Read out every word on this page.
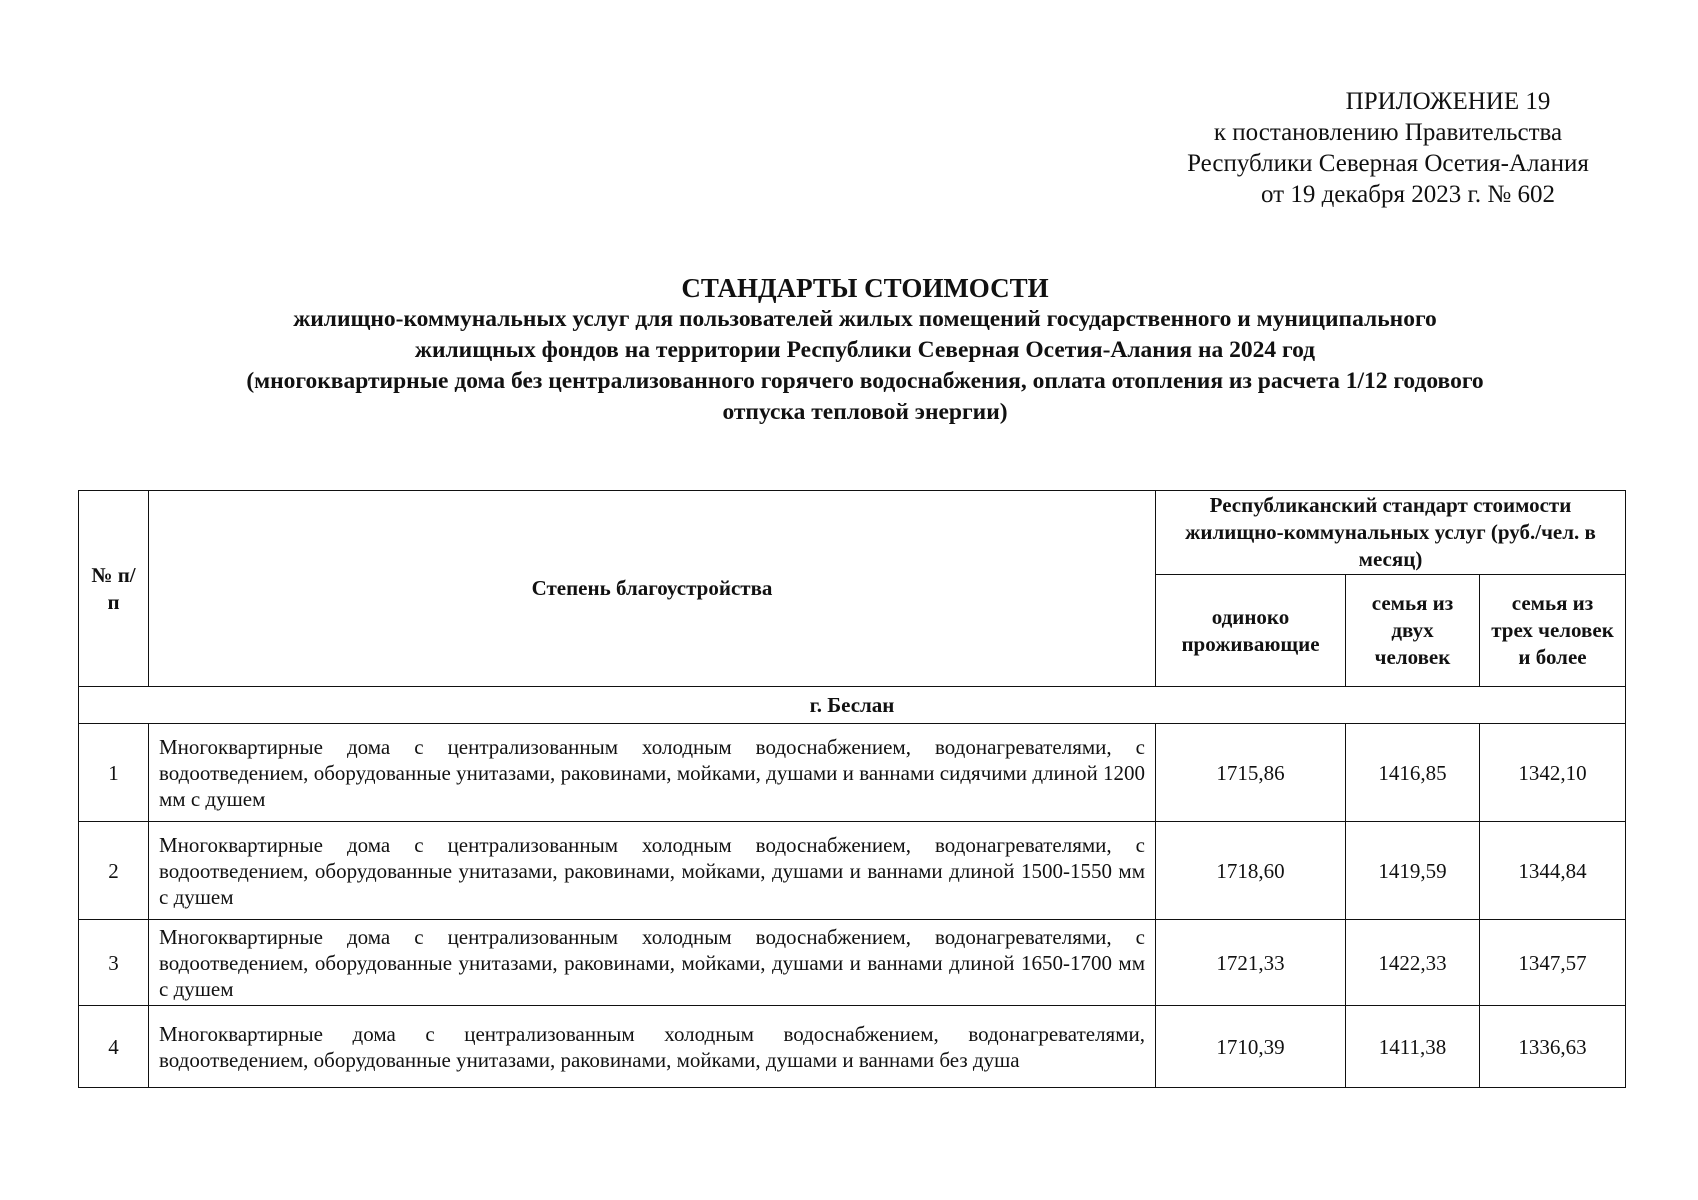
ПРИЛОЖЕНИЕ 19
к постановлению Правительства
Республики Северная Осетия-Алания
от 19 декабря 2023 г. № 602
СТАНДАРТЫ СТОИМОСТИ
жилищно-коммунальных услуг для пользователей жилых помещений государственного и муниципального
жилищных фондов на территории Республики Северная Осетия-Алания на 2024 год
(многоквартирные дома без централизованного горячего водоснабжения, оплата отопления из расчета 1/12 годового
отпуска тепловой энергии)
№ п/п	Степень благоустройства	Республиканский стандарт стоимости жилищно-коммунальных услуг (руб./чел. в месяц)		
		одиноко проживающие	семья из двух человек	семья из трех человек и более
г. Беслан				
1	Многоквартирные дома с централизованным холодным водоснабжением, водонагревателями, с водоотведением, оборудованные унитазами, раковинами, мойками, душами и ваннами сидячими длиной 1200 мм с душем	1715,86	1416,85	1342,10
2	Многоквартирные дома с централизованным холодным водоснабжением, водонагревателями, с водоотведением, оборудованные унитазами, раковинами, мойками, душами и ваннами длиной 1500-1550 мм с душем	1718,60	1419,59	1344,84
3	Многоквартирные дома с централизованным холодным водоснабжением, водонагревателями, с водоотведением, оборудованные унитазами, раковинами, мойками, душами и ваннами длиной 1650-1700 мм с душем	1721,33	1422,33	1347,57
4	Многоквартирные дома с централизованным холодным водоснабжением, водонагревателями, водоотведением, оборудованные унитазами, раковинами, мойками, душами и ваннами без душа	1710,39	1411,38	1336,63
